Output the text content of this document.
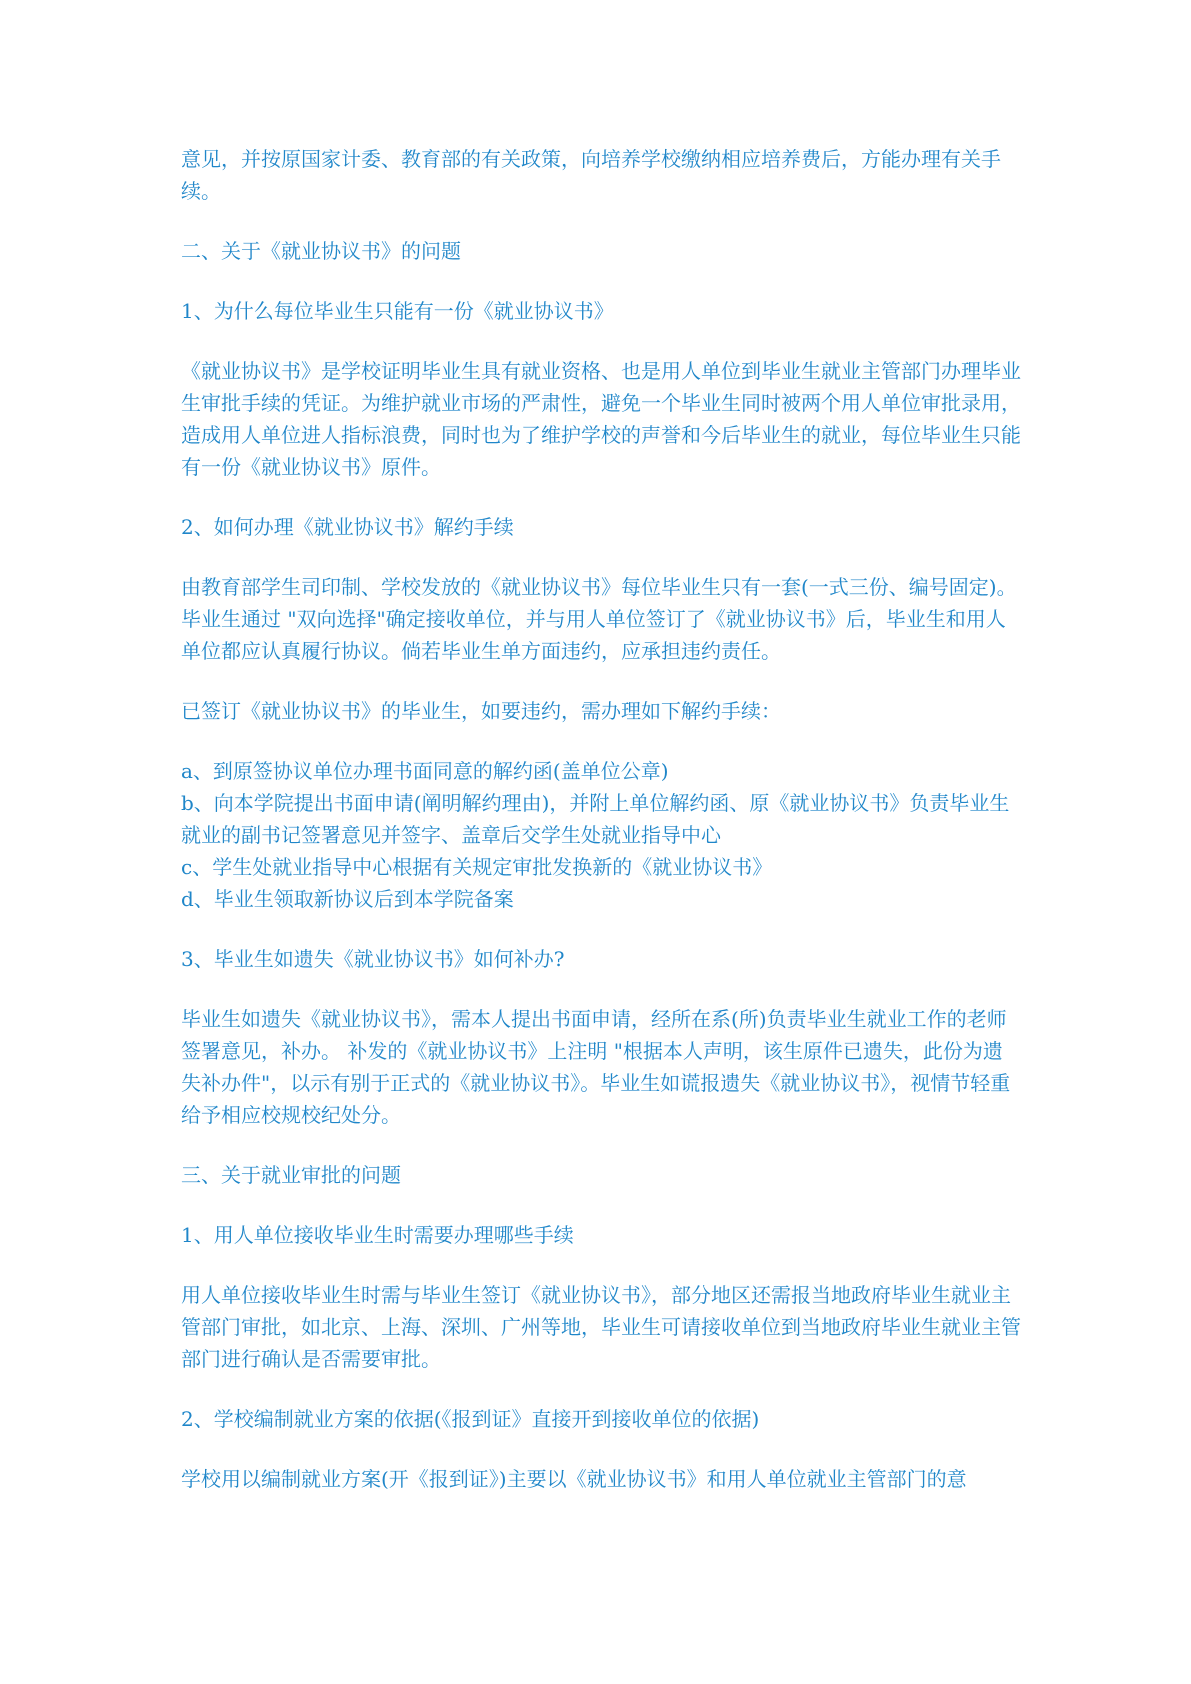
意见，并按原国家计委、教育部的有关政策，向培养学校缴纳相应培养费后，方能办理有关手续。

二、关于《就业协议书》的问题

1、为什么每位毕业生只能有一份《就业协议书》

《就业协议书》是学校证明毕业生具有就业资格、也是用人单位到毕业生就业主管部门办理毕业生审批手续的凭证。为维护就业市场的严肃性，避免一个毕业生同时被两个用人单位审批录用，造成用人单位进人指标浪费，同时也为了维护学校的声誉和今后毕业生的就业，每位毕业生只能有一份《就业协议书》原件。

2、如何办理《就业协议书》解约手续

由教育部学生司印制、学校发放的《就业协议书》每位毕业生只有一套(一式三份、编号固定)。毕业生通过 "双向选择"确定接收单位，并与用人单位签订了《就业协议书》后，毕业生和用人单位都应认真履行协议。倘若毕业生单方面违约，应承担违约责任。

已签订《就业协议书》的毕业生，如要违约，需办理如下解约手续：

a、到原签协议单位办理书面同意的解约函(盖单位公章)

b、向本学院提出书面申请(阐明解约理由)，并附上单位解约函、原《就业协议书》负责毕业生就业的副书记签署意见并签字、盖章后交学生处就业指导中心

c、学生处就业指导中心根据有关规定审批发换新的《就业协议书》

d、毕业生领取新协议后到本学院备案

3、毕业生如遗失《就业协议书》如何补办?

毕业生如遗失《就业协议书》，需本人提出书面申请，经所在系(所)负责毕业生就业工作的老师签署意见，补办。 补发的《就业协议书》上注明 "根据本人声明，该生原件已遗失，此份为遗失补办件"，以示有别于正式的《就业协议书》。毕业生如谎报遗失《就业协议书》，视情节轻重给予相应校规校纪处分。

三、关于就业审批的问题

1、用人单位接收毕业生时需要办理哪些手续

用人单位接收毕业生时需与毕业生签订《就业协议书》，部分地区还需报当地政府毕业生就业主管部门审批，如北京、上海、深圳、广州等地，毕业生可请接收单位到当地政府毕业生就业主管部门进行确认是否需要审批。

2、学校编制就业方案的依据(《报到证》直接开到接收单位的依据)

学校用以编制就业方案(开《报到证》)主要以《就业协议书》和用人单位就业主管部门的意
